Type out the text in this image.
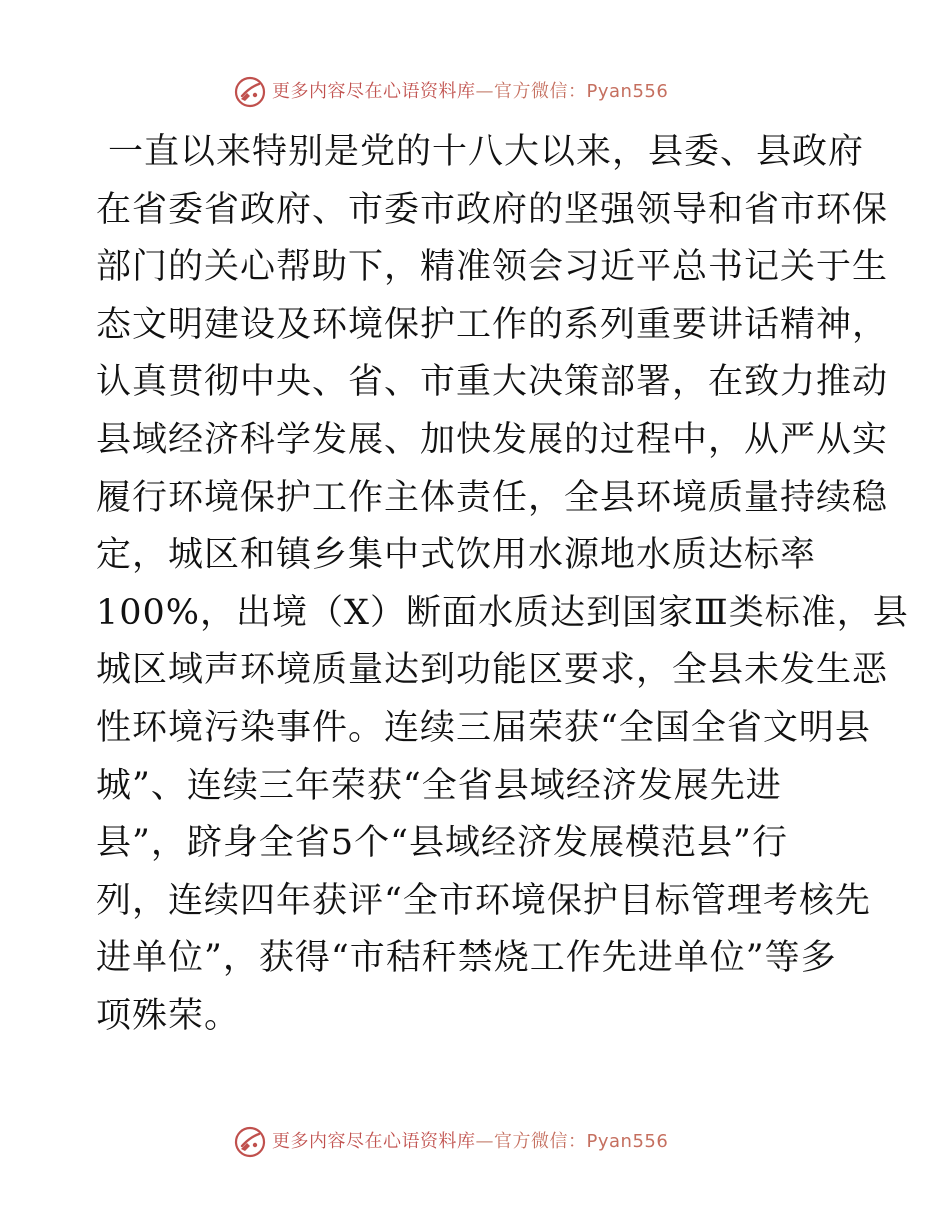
更多内容尽在心语资料库—官方微信：Pyan556
一直以来特别是党的十八大以来，县委、县政府
在省委省政府、市委市政府的坚强领导和省市环保
部门的关心帮助下，精准领会习近平总书记关于生
态文明建设及环境保护工作的系列重要讲话精神，
认真贯彻中央、省、市重大决策部署，在致力推动
县域经济科学发展、加快发展的过程中，从严从实
履行环境保护工作主体责任，全县环境质量持续稳
定，城区和镇乡集中式饮用水源地水质达标率
100%，出境（X）断面水质达到国家Ⅲ类标准，县
城区域声环境质量达到功能区要求，全县未发生恶
性环境污染事件。连续三届荣获“全国全省文明县
城”、连续三年荣获“全省县域经济发展先进
县”，跻身全省5个“县域经济发展模范县”行
列，连续四年获评“全市环境保护目标管理考核先
进单位”，获得“市秸秆禁烧工作先进单位”等多
项殊荣。
更多内容尽在心语资料库—官方微信：Pyan556
